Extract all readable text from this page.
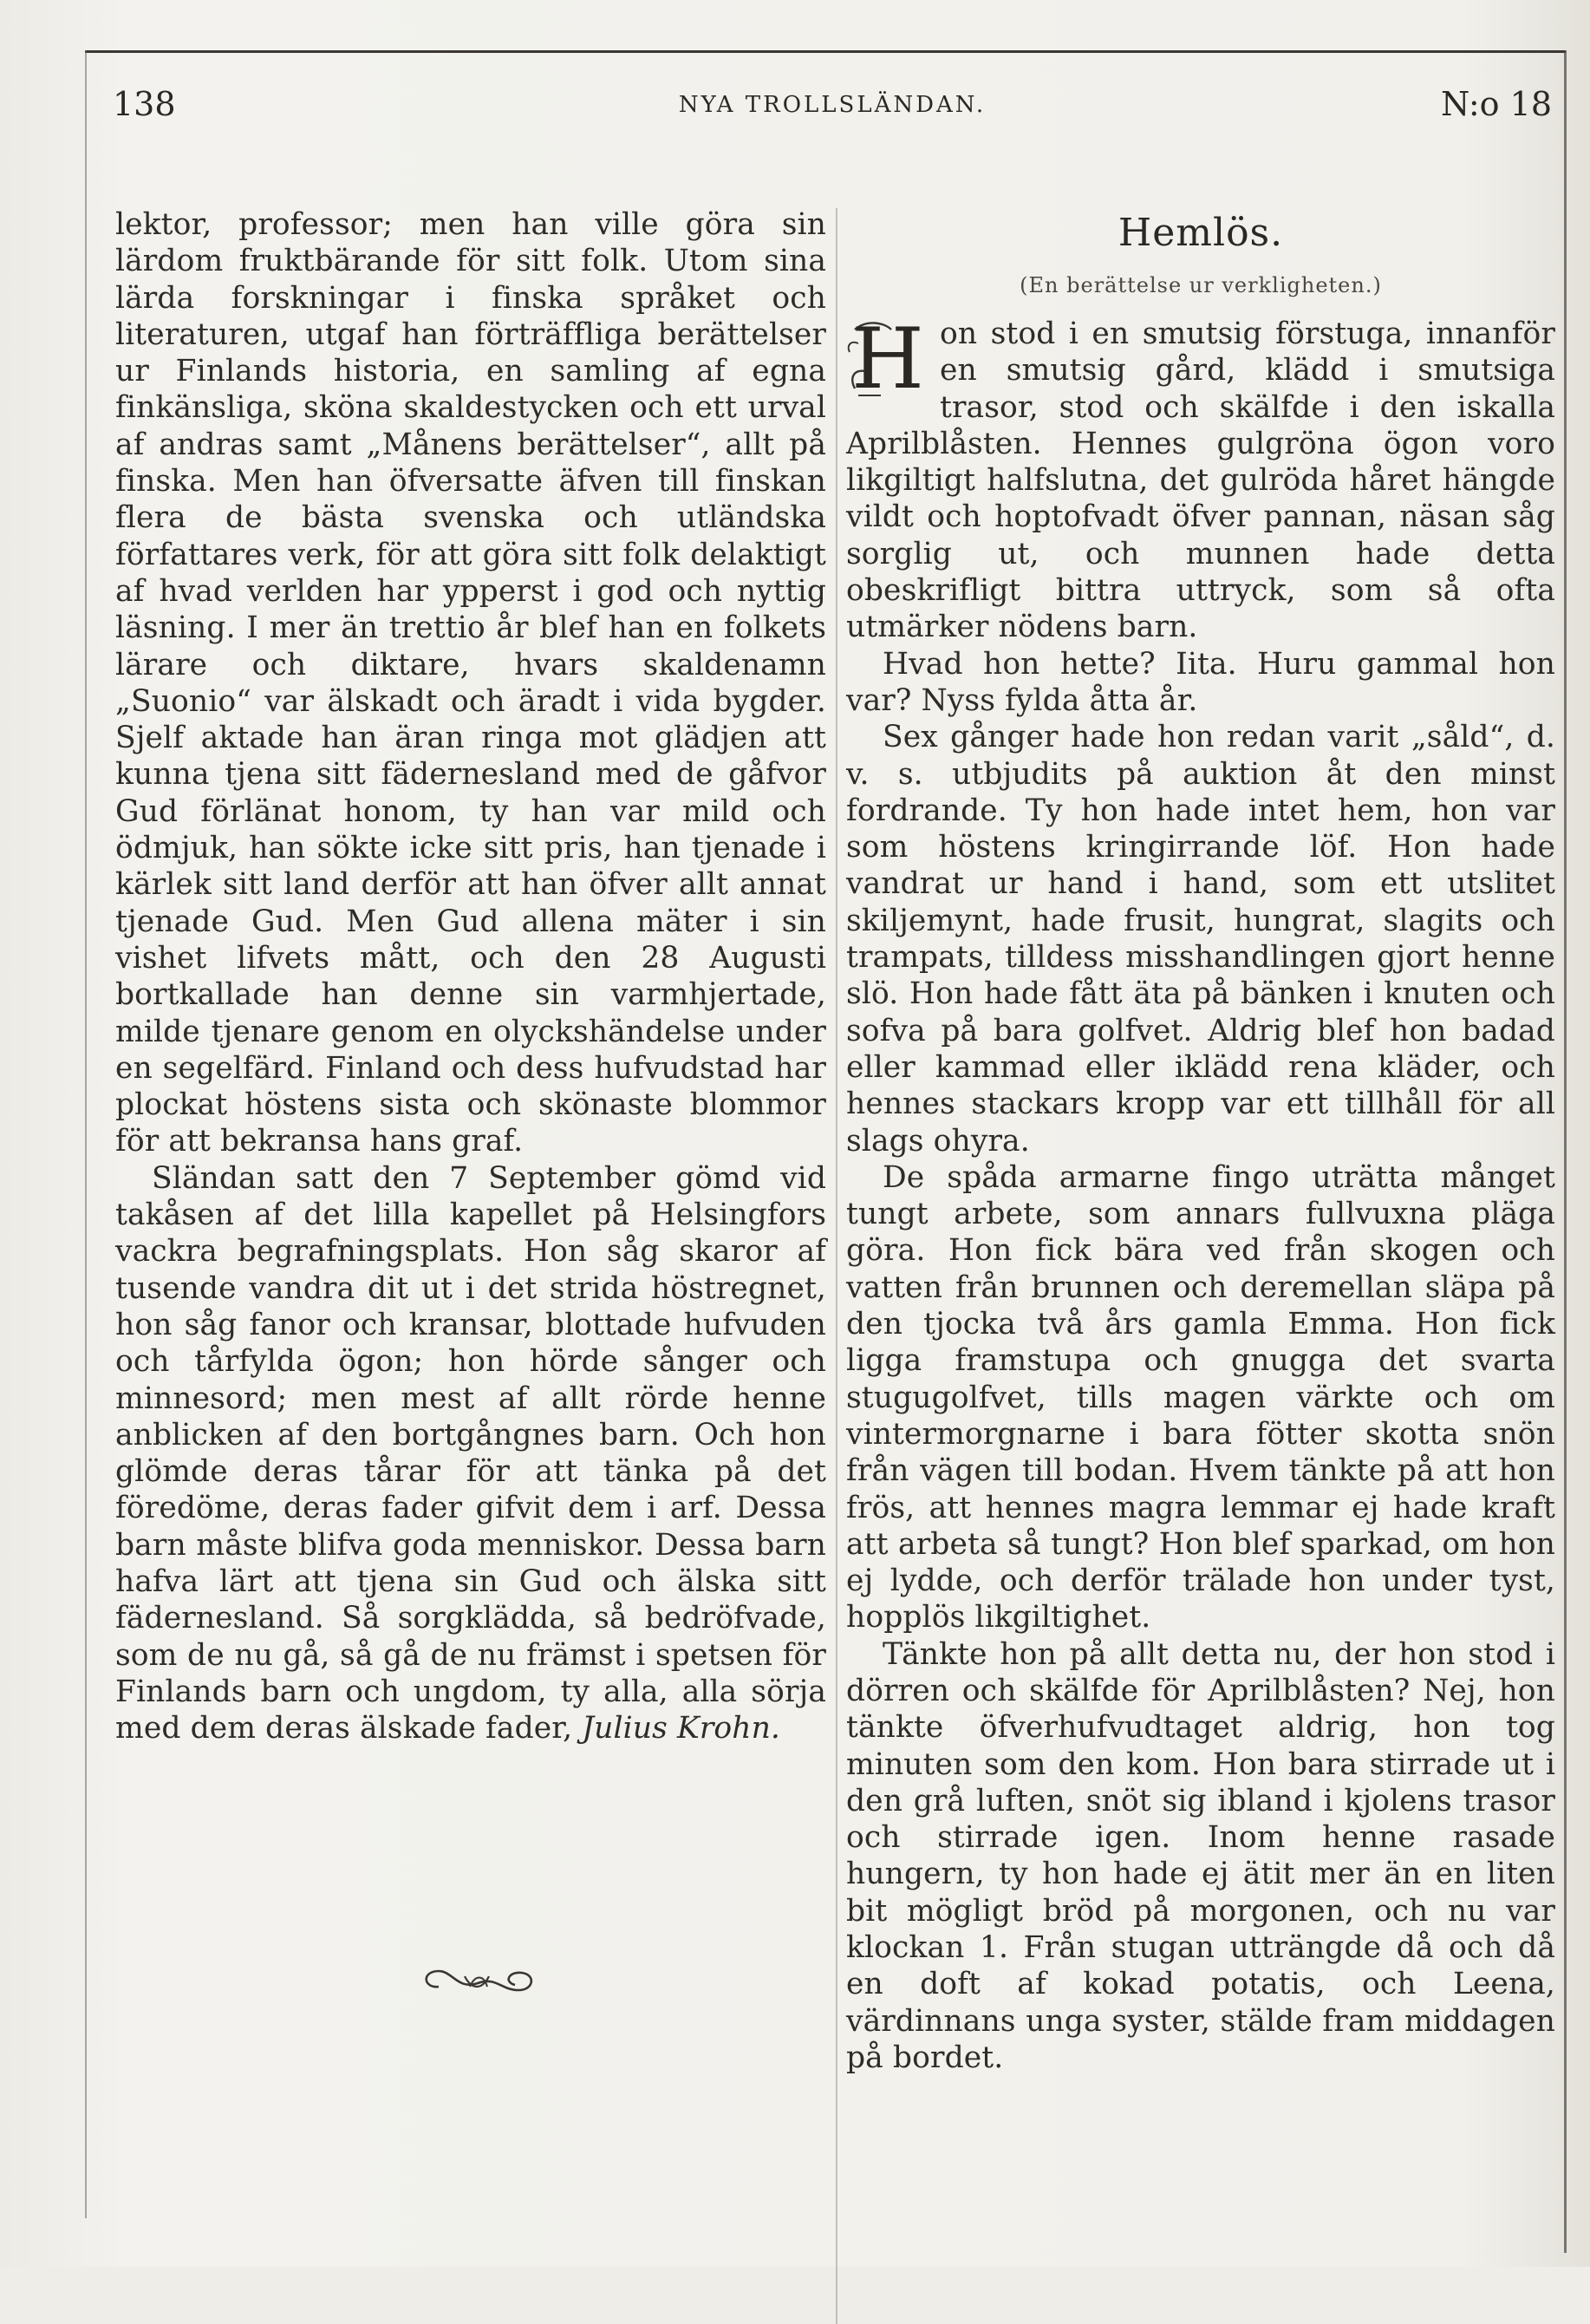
138	NYA TROLLSLÄNDAN.	N:o 18

lektor, professor; men han ville göra sin lärdom fruktbärande för sitt folk. Utom sina lärda forskningar i finska språket och literaturen, utgaf han förträffliga berättelser ur Finlands historia, en samling af egna finkänsliga, sköna skaldestycken och ett urval af andras samt „Månens berättelser“, allt på finska. Men han öfversatte äfven till finskan flera de bästa svenska och utländska författares verk, för att göra sitt folk delaktigt af hvad verlden har ypperst i god och nyttig läsning. I mer än trettio år blef han en folkets lärare och diktare, hvars skaldenamn „Suonio“ var älskadt och äradt i vida bygder. Sjelf aktade han äran ringa mot glädjen att kunna tjena sitt fädernesland med de gåfvor Gud förlänat honom, ty han var mild och ödmjuk, han sökte icke sitt pris, han tjenade i kärlek sitt land derför att han öfver allt annat tjenade Gud. Men Gud allena mäter i sin vishet lifvets mått, och den 28 Augusti bortkallade han denne sin varmhjertade, milde tjenare genom en olyckshändelse under en segelfärd. Finland och dess hufvudstad har plockat höstens sista och skönaste blommor för att bekransa hans graf.

Sländan satt den 7 September gömd vid takåsen af det lilla kapellet på Helsingfors vackra begrafningsplats. Hon såg skaror af tusende vandra dit ut i det strida höstregnet, hon såg fanor och kransar, blottade hufvuden och tårfylda ögon; hon hörde sånger och minnesord; men mest af allt rörde henne anblicken af den bortgångnes barn. Och hon glömde deras tårar för att tänka på det föredöme, deras fader gifvit dem i arf. Dessa barn måste blifva goda menniskor. Dessa barn hafva lärt att tjena sin Gud och älska sitt fädernesland. Så sorgklädda, så bedröfvade, som de nu gå, så gå de nu främst i spetsen för Finlands barn och ungdom, ty alla, alla sörja med dem deras älskade fader, Julius Krohn.

Hemlös.
(En berättelse ur verkligheten.)

H on stod i en smutsig förstuga, innanför en smutsig gård, klädd i smutsiga trasor, stod och skälfde i den iskalla Aprilblåsten. Hennes gulgröna ögon voro likgiltigt halfslutna, det gulröda håret hängde vildt och hoptofvadt öfver pannan, näsan såg sorglig ut, och munnen hade detta obeskrifligt bittra uttryck, som så ofta utmärker nödens barn.

Hvad hon hette? Iita. Huru gammal hon var? Nyss fylda åtta år.

Sex gånger hade hon redan varit „såld“, d. v. s. utbjudits på auktion åt den minst fordrande. Ty hon hade intet hem, hon var som höstens kringirrande löf. Hon hade vandrat ur hand i hand, som ett utslitet skiljemynt, hade frusit, hungrat, slagits och trampats, tilldess misshandlingen gjort henne slö. Hon hade fått äta på bänken i knuten och sofva på bara golfvet. Aldrig blef hon badad eller kammad eller iklädd rena kläder, och hennes stackars kropp var ett tillhåll för all slags ohyra.

De spåda armarne fingo uträtta månget tungt arbete, som annars fullvuxna pläga göra. Hon fick bära ved från skogen och vatten från brunnen och deremellan släpa på den tjocka två års gamla Emma. Hon fick ligga framstupa och gnugga det svarta stugugolfvet, tills magen värkte och om vintermorgnarne i bara fötter skotta snön från vägen till bodan. Hvem tänkte på att hon frös, att hennes magra lemmar ej hade kraft att arbeta så tungt? Hon blef sparkad, om hon ej lydde, och derför trälade hon under tyst, hopplös likgiltighet.

Tänkte hon på allt detta nu, der hon stod i dörren och skälfde för Aprilblåsten? Nej, hon tänkte öfverhufvudtaget aldrig, hon tog minuten som den kom. Hon bara stirrade ut i den grå luften, snöt sig ibland i kjolens trasor och stirrade igen. Inom henne rasade hungern, ty hon hade ej ätit mer än en liten bit mögligt bröd på morgonen, och nu var klockan 1. Från stugan utträngde då och då en doft af kokad potatis, och Leena, värdinnans unga syster, stälde fram middagen på bordet.
